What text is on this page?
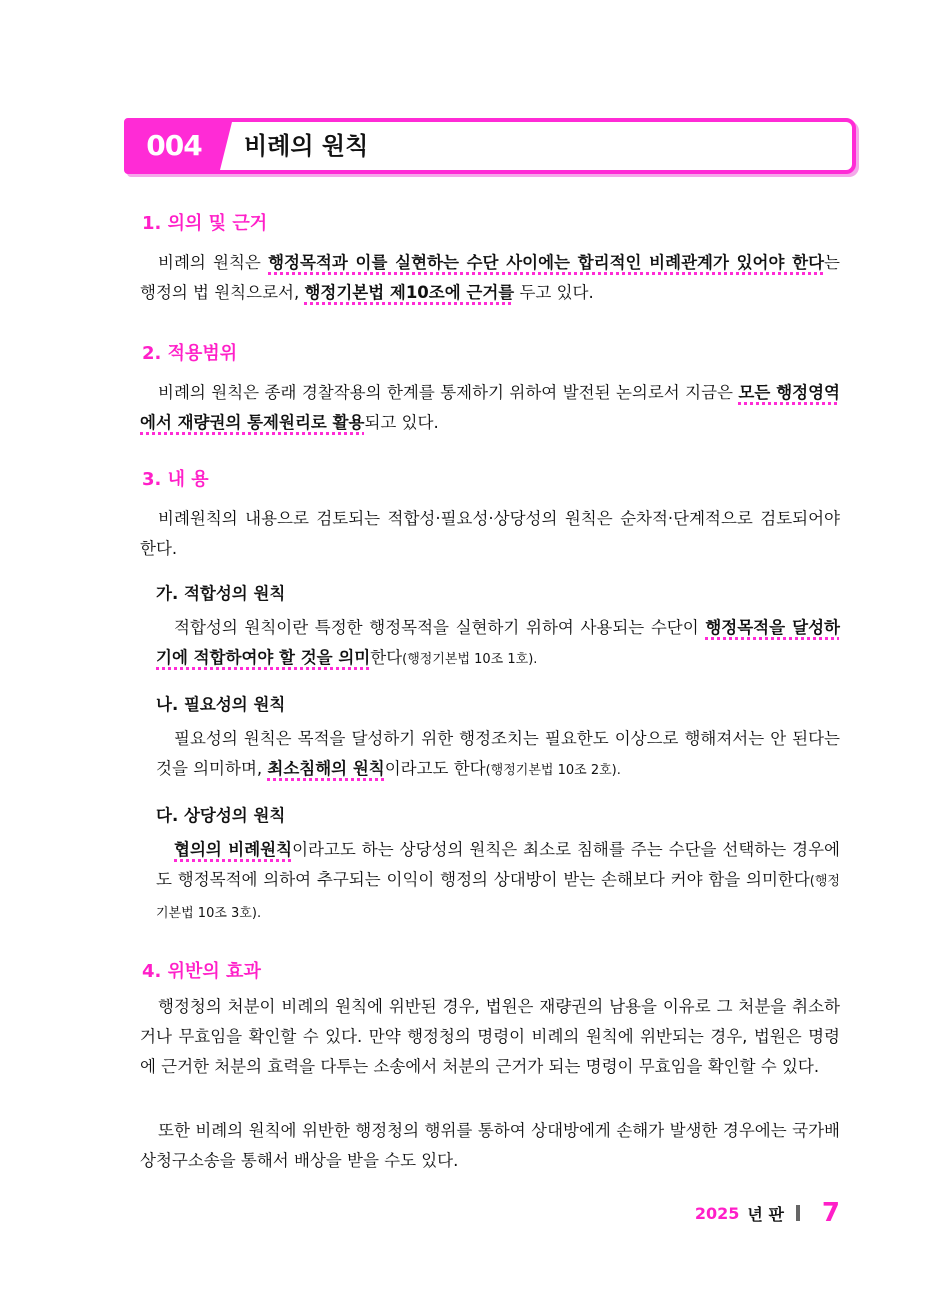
004	비례의 원칙
1. 의의 및 근거
비례의 원칙은 행정목적과 이를 실현하는 수단 사이에는 합리적인 비례관계가 있어야 한다는 행정의 법 원칙으로서, 행정기본법 제10조에 근거를 두고 있다.
2. 적용범위
비례의 원칙은 종래 경찰작용의 한계를 통제하기 위하여 발전된 논의로서 지금은 모든 행정영역에서 재량권의 통제원리로 활용되고 있다.
3. 내 용
비례원칙의 내용으로 검토되는 적합성·필요성·상당성의 원칙은 순차적·단계적으로 검토되어야 한다.
가. 적합성의 원칙
적합성의 원칙이란 특정한 행정목적을 실현하기 위하여 사용되는 수단이 행정목적을 달성하기에 적합하여야 할 것을 의미한다(행정기본법 10조 1호).
나. 필요성의 원칙
필요성의 원칙은 목적을 달성하기 위한 행정조치는 필요한도 이상으로 행해져서는 안 된다는 것을 의미하며, 최소침해의 원칙이라고도 한다(행정기본법 10조 2호).
다. 상당성의 원칙
협의의 비례원칙이라고도 하는 상당성의 원칙은 최소로 침해를 주는 수단을 선택하는 경우에도 행정목적에 의하여 추구되는 이익이 행정의 상대방이 받는 손해보다 커야 함을 의미한다(행정기본법 10조 3호).
4. 위반의 효과
행정청의 처분이 비례의 원칙에 위반된 경우, 법원은 재량권의 남용을 이유로 그 처분을 취소하거나 무효임을 확인할 수 있다. 만약 행정청의 명령이 비례의 원칙에 위반되는 경우, 법원은 명령에 근거한 처분의 효력을 다투는 소송에서 처분의 근거가 되는 명령이 무효임을 확인할 수 있다.
또한 비례의 원칙에 위반한 행정청의 행위를 통하여 상대방에게 손해가 발생한 경우에는 국가배상청구소송을 통해서 배상을 받을 수도 있다.
2025 년 판 7
